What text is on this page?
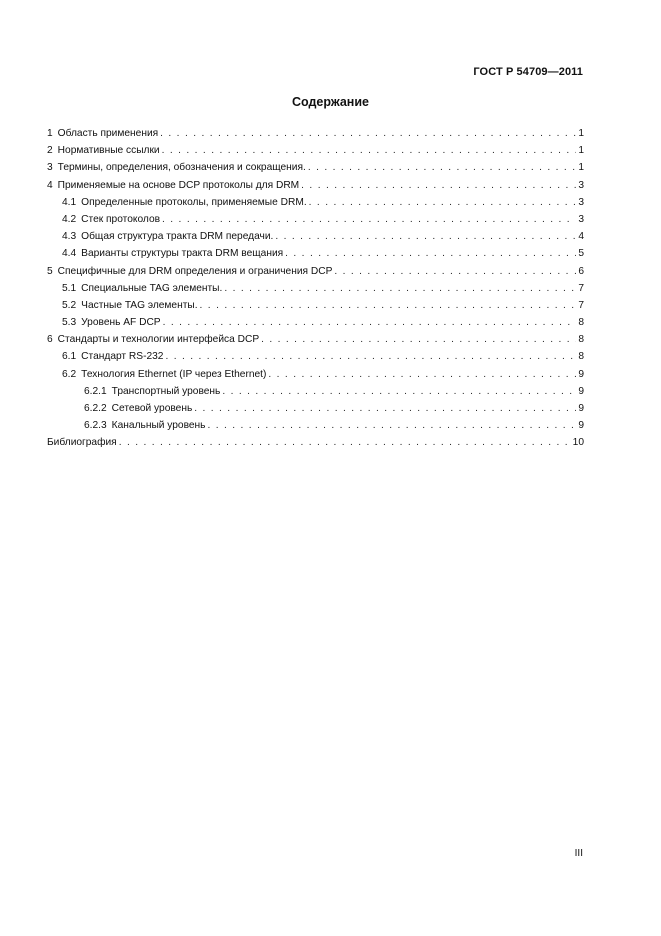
ГОСТ Р 54709—2011
Содержание
1 Область применения . . .	1
2 Нормативные ссылки . . .	1
3 Термины, определения, обозначения и сокращения. . . .	1
4 Применяемые на основе DCP протоколы для DRM . . .	3
4.1 Определенные протоколы, применяемые DRM. . . .	3
4.2 Стек протоколов . . .	3
4.3 Общая структура тракта DRM передачи. . . .	4
4.4 Варианты структуры тракта DRM вещания . . .	5
5 Специфичные для DRM определения и ограничения DCP . . .	6
5.1 Специальные TAG элементы. . . .	7
5.2 Частные TAG элементы. . . .	7
5.3 Уровень AF DCP . . .	8
6 Стандарты и технологии интерфейса DCP . . .	8
6.1 Стандарт RS-232 . . .	8
6.2 Технология Ethernet (IP через Ethernet) . . .	9
6.2.1 Транспортный уровень . . .	9
6.2.2 Сетевой уровень . . .	9
6.2.3 Канальный уровень . . .	9
Библиография . . .	10
III
